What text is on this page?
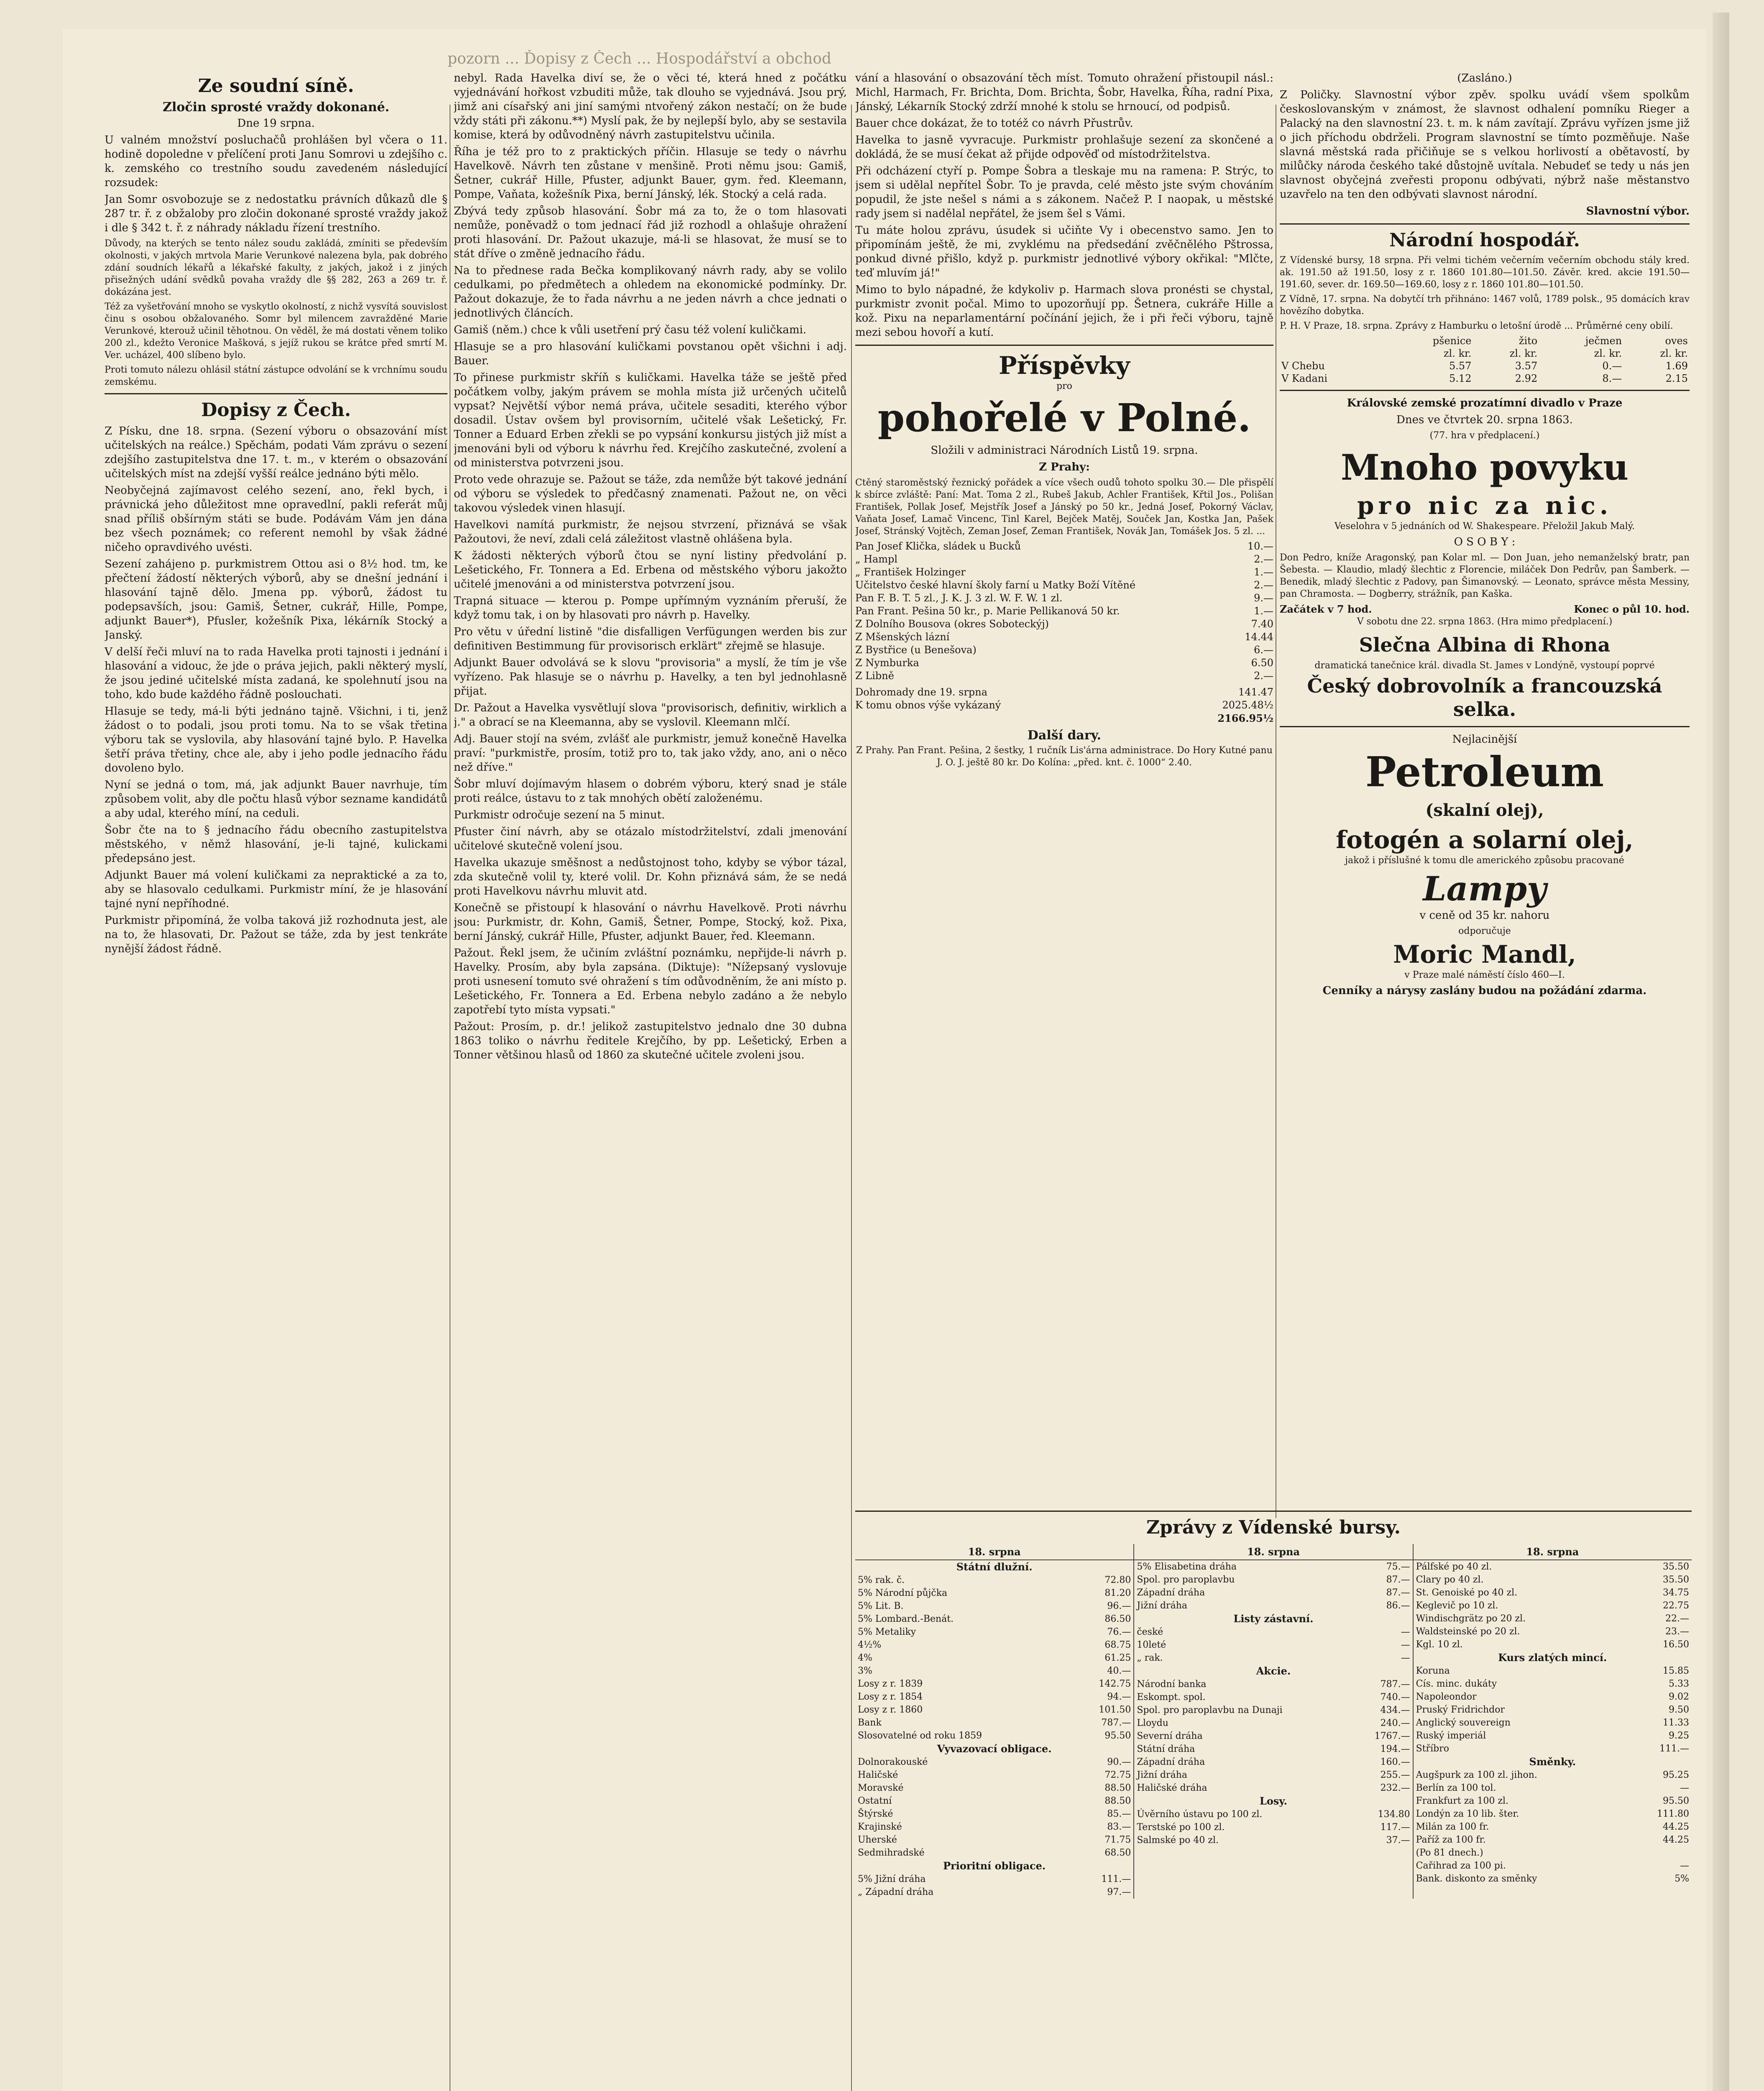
pozorn ... Ďopisy z Čech ... Hospodářství a obchod
Ze soudní síně.
Zločin sprosté vraždy dokonané.

Dne 19 srpna.

U valném množství posluchačů prohlášen byl včera o 11. hodině dopoledne v přelíčení proti Janu Somrovi u zdejšího c. k. zemského co trestního soudu zavedeném následující rozsudek:

Jan Somr osvobozuje se z nedostatku právních důkazů dle § 287 tr. ř. z obžaloby pro zločin dokonané sprosté vraždy jakož i dle § 342 t. ř. z náhrady nákladu řízení trestního.

Důvody, na kterých se tento nález soudu zakládá, zmíniti se především okolnosti, v jakých mrtvola Marie Verunkové nalezena byla, pak dobrého zdání soudních lékařů a lékařské fakulty, z jakých, jakož i z jiných přisežných udání svědků povaha vraždy dle §§ 282, 263 a 269 tr. ř. dokázána jest.

Též za vyšetřování mnoho se vyskytlo okolností, z nichž vysvítá souvislost činu s osobou obžalovaného. Somr byl milencem zavražděné Marie Verunkové, kterouž učinil těhotnou. On věděl, že má dostati věnem toliko 200 zl., kdežto Veronice Mašková, s jejíž rukou se krátce před smrtí M. Ver. ucházel, 400 slíbeno bylo.

Proti tomuto nálezu ohlásil státní zástupce odvolání se k vrchnímu soudu zemskému.

Dopisy z Čech.

Z Písku, dne 18. srpna. (Sezení výboru o obsazování míst učitelských na reálce.) Spěchám, podati Vám zprávu o sezení zdejšího zastupitelstva dne 17. t. m., v kterém o obsazování učitelských míst na zdejší vyšší reálce jednáno býti mělo.

Neobyčejná zajímavost celého sezení, ano, řekl bych, i právnická jeho důležitost mne opravedlní, pakli referát můj snad příliš obšírným státi se bude. Podávám Vám jen dána bez všech poznámek; co referent nemohl by však žádné ničeho opravdivého uvésti.

Sezení zahájeno p. purkmistrem Ottou asi o 8½ hod. tm, ke přečtení žádostí některých výborů, aby se dnešní jednání i hlasování tajně dělo. Jmena pp. výborů, žádost tu podepsavších, jsou: Gamiš, Šetner, cukrář, Hille, Pompe, adjunkt Bauer*), Pfusler, kožešník Pixa, lékárník Stocký a Janský.

V delší řeči mluví na to rada Havelka proti tajnosti i jednání i hlasování a vidouc, že jde o práva jejich, pakli některý myslí, že jsou jediné učitelské místa zadaná, ke spolehnutí jsou na toho, kdo bude každého řádně poslouchati.

Hlasuje se tedy, má-li býti jednáno tajně. Všichni, i ti, jenž žádost o to podali, jsou proti tomu. Na to se však třetina výboru tak se vyslovila, aby hlasování tajné bylo. P. Havelka šetří práva třetiny, chce ale, aby i jeho podle jednacího řádu dovoleno bylo.

Nyní se jedná o tom, má, jak adjunkt Bauer navrhuje, tím způsobem volit, aby dle počtu hlasů výbor sezname kandidátů a aby udal, kterého míní, na ceduli.

Šobr čte na to § jednacího řádu obecního zastupitelstva městského, v němž hlasování, je-li tajné, kulickami předepsáno jest.

Adjunkt Bauer má volení kuličkami za nepraktické a za to, aby se hlasovalo cedulkami. Purkmistr míní, že je hlasování tajné nyní nepříhodné.

Purkmistr připomíná, že volba taková již rozhodnuta jest, ale na to, že hlasovati, Dr. Pažout se táže, zda by jest tenkráte nynější žádost řádně.

nebyl. Rada Havelka diví se, že o věci té, která hned z počátku vyjednávání hořkost vzbuditi může, tak dlouho se vyjednává. Jsou prý, jimž ani císařský ani jiní samými ntvořený zákon nestačí; on že bude vždy státi při zákonu.**) Myslí pak, že by nejlepší bylo, aby se sestavila komise, která by odůvodněný návrh zastupitelstvu učinila.

Říha je též pro to z praktických příčin. Hlasuje se tedy o návrhu Havelkově. Návrh ten zůstane v menšině. Proti němu jsou: Gamiš, Šetner, cukrář Hille, Pfuster, adjunkt Bauer, gym. řed. Kleemann, Pompe, Vaňata, kožešník Pixa, berní Jánský, lék. Stocký a celá rada.

Zbývá tedy způsob hlasování. Šobr má za to, že o tom hlasovati nemůže, poněvadž o tom jednací řád již rozhodl a ohlašuje ohražení proti hlasování. Dr. Pažout ukazuje, má-li se hlasovat, že musí se to stát dříve o změně jednacího řádu.

Na to přednese rada Bečka komplikovaný návrh rady, aby se volilo cedulkami, po předmětech a ohledem na ekonomické podmínky. Dr. Pažout dokazuje, že to řada návrhu a ne jeden návrh a chce jednati o jednotlivých článcích.

Gamiš (něm.) chce k vůli usetření prý času též volení kuličkami.

Hlasuje se a pro hlasování kuličkami povstanou opět všichni i adj. Bauer.

To přinese purkmistr skříň s kuličkami. Havelka táže se ještě před počátkem volby, jakým právem se mohla místa již určených učitelů vypsat? Největší výbor nemá práva, učitele sesaditi, kterého výbor dosadil. Ústav ovšem byl provisorním, učitelé však Lešetický, Fr. Tonner a Eduard Erben zřekli se po vypsání konkursu jistých již míst a jmenováni byli od výboru k návrhu řed. Krejčího zaskutečné, zvolení a od ministerstva potvrzeni jsou.

Proto vede ohrazuje se. Pažout se táže, zda nemůže být takové jednání od výboru se výsledek to předčasný znamenati. Pažout ne, on věci takovou výsledek vinen hlasují.

Havelkovi namítá purkmistr, že nejsou stvrzení, přiznává se však Pažoutovi, že neví, zdali celá záležitost vlastně ohlášena byla.

K žádosti některých výborů čtou se nyní listiny předvolání p. Lešetického, Fr. Tonnera a Ed. Erbena od městského výboru jakožto učitelé jmenováni a od ministerstva potvrzení jsou.

Trapná situace — kterou p. Pompe upřímným vyznáním přeruší, že když tomu tak, i on by hlasovati pro návrh p. Havelky.

Pro větu v úřední listině "die disfalligen Verfügungen werden bis zur definitiven Bestimmung für provisorisch erklärt" zřejmě se hlasuje.

Adjunkt Bauer odvolává se k slovu "provisoria" a myslí, že tím je vše vyřízeno. Pak hlasuje se o návrhu p. Havelky, a ten byl jednohlasně přijat.

Dr. Pažout a Havelka vysvětlují slova "provisorisch, definitiv, wirklich a j." a obrací se na Kleemanna, aby se vyslovil. Kleemann mlčí.

Adj. Bauer stojí na svém, zvlášť ale purkmistr, jemuž konečně Havelka praví: "purkmistře, prosím, totiž pro to, tak jako vždy, ano, ani o něco než dříve."

Šobr mluví dojímavým hlasem o dobrém výboru, který snad je stále proti reálce, ústavu to z tak mnohých obětí založenému.

Purkmistr odročuje sezení na 5 minut.

Pfuster činí návrh, aby se otázalo místodržitelství, zdali jmenování učitelové skutečně volení jsou.

Havelka ukazuje směšnost a nedůstojnost toho, kdyby se výbor tázal, zda skutečně volil ty, které volil. Dr. Kohn přiznává sám, že se nedá proti Havelkovu návrhu mluvit atd.

Konečně se přistoupí k hlasování o návrhu Havelkově. Proti návrhu jsou: Purkmistr, dr. Kohn, Gamiš, Šetner, Pompe, Stocký, kož. Pixa, berní Jánský, cukrář Hille, Pfuster, adjunkt Bauer, řed. Kleemann.

Pažout. Řekl jsem, že učiním zvláštní poznámku, nepřijde-li návrh p. Havelky. Prosím, aby byla zapsána. (Diktuje): "Nížepsaný vyslovuje proti usnesení tomuto své ohražení s tím odůvodněním, že ani místo p. Lešetického, Fr. Tonnera a Ed. Erbena nebylo zadáno a že nebylo zapotřebí tyto místa vypsati."

Pažout: Prosím, p. dr.! jelikož zastupitelstvo jednalo dne 30 dubna 1863 toliko o návrhu ředitele Krejčího, by pp. Lešetický, Erben a Tonner většinou hlasů od 1860 za skutečné učitele zvoleni jsou.

vání a hlasování o obsazování těch míst. Tomuto ohražení přistoupil násl.: Michl, Harmach, Fr. Brichta, Dom. Brichta, Šobr, Havelka, Říha, radní Pixa, Jánský, Lékarník Stocký zdrží mnohé k stolu se hrnoucí, od podpisů.

Bauer chce dokázat, že to totéž co návrh Přustrův.

Havelka to jasně vyvracuje. Purkmistr prohlašuje sezení za skončené a dokládá, že se musí čekat až přijde odpověď od místodržitelstva.

Při odcházení ctyří p. Pompe Šobra a tleskaje mu na ramena: P. Strýc, to jsem si udělal nepřítel Šobr. To je pravda, celé město jste svým chováním popudil, že jste nešel s námi a s zákonem. Načež P. I naopak, u městské rady jsem si nadělal nepřátel, že jsem šel s Vámi.

Tu máte holou zprávu, úsudek si učiňte Vy i obecenstvo samo. Jen to připomínám ještě, že mi, zvyklému na předsedání zvěčnělého Pštrossa, ponkud divné přišlo, když p. purkmistr jednotlivé výbory okřikal: "Mlčte, teď mluvím já!"

Mimo to bylo nápadné, že kdykoliv p. Harmach slova pronésti se chystal, purkmistr zvonit počal. Mimo to upozorňují pp. Šetnera, cukráře Hille a kož. Pixu na neparlamentární počínání jejich, že i při řeči výboru, tajně mezi sebou hovoří a kutí.

Příspěvky
pro
pohořelé v Polné.

Složili v administraci Národních Listů 19. srpna.

Z Prahy:

Ctěný staroměstský řeznický pořádek a více všech oudů tohoto spolku 30.— Dle přispělí k sbírce zvláště: Paní: Mat. Toma 2 zl., Rubeš Jakub, Achler František, Křtil Jos., Polišan František, Pollak Josef, Mejstřík Josef a Jánský po 50 kr., Jedná Josef, Pokorný Václav, Vaňata Josef, Lamač Vincenc, Tinl Karel, Bejček Matěj, Souček Jan, Kostka Jan, Pašek Josef, Stránský Vojtěch, Zeman Josef, Zeman František, Novák Jan, Tomášek Jos. 5 zl. ...

Pan Josef Klička, sládek u Bucků	10.—
„ Hampl	2.—
„ František Holzinger	1.—
Učitelstvo české hlavní školy farní u Matky Boží Vítěné	2.—
Pan F. B. T. 5 zl., J. K. J. 3 zl. W. F. W. 1 zl.	9.—
Pan Frant. Pešina 50 kr., p. Marie Pellikanová 50 kr.	1.—
Z Dolního Bousova (okres Soboteckýj)	7.40
Z Mšenských lázní	14.44
Z Bystřice (u Benešova)	6.—
Z Nymburka	6.50
Z Libně	2.—
Dohromady dne 19. srpna	141.47
K tomu obnos výše vykázaný	2025.48½
2166.95½
Další dary.

Z Prahy. Pan Frant. Pešina, 2 šestky, 1 ručník Lis'árna administrace. Do Hory Kutné panu J. O. J. ještě 80 kr. Do Kolína: „před. knt. č. 1000“ 2.40.

(Zasláno.)

Z Poličky. Slavnostní výbor zpěv. spolku uvádí všem spolkům českoslovanským v známost, že slavnost odhalení pomníku Rieger a Palacký na den slavnostní 23. t. m. k nám zavítají. Zprávu vyřízen jsme již o jich příchodu obdrželi. Program slavnostní se tímto pozměňuje. Naše slavná městská rada přičiňuje se s velkou horlivostí a obětavostí, by milůčky národa českého také důstojně uvítala. Nebudeť se tedy u nás jen slavnost obyčejná zveřesti proponu odbývati, nýbrž naše městanstvo uzavřelo na ten den odbývati slavnost národní.

Slavnostní výbor.

Národní hospodář.

Z Vídenské bursy, 18 srpna. Při velmi tichém večerním večerním obchodu stály kred. ak. 191.50 až 191.50, losy z r. 1860 101.80—101.50. Závěr. kred. akcie 191.50—191.60, sever. dr. 169.50—169.60, losy z r. 1860 101.80—101.50.

Z Vídně, 17. srpna. Na dobytčí trh přihnáno: 1467 volů, 1789 polsk., 95 domácích krav hovězího dobytka.

P. H. V Praze, 18. srpna. Zprávy z Hamburku o letošní úrodě ... Průměrné ceny obilí.

	pšenice	žito	ječmen	oves
	zl. kr.	zl. kr.	zl. kr.	zl. kr.
V Chebu	5.57	3.57	0.—	1.69
V Kadani	5.12	2.92	8.—	2.15

Královské zemské prozatímní divadlo v Praze

Dnes ve čtvrtek 20. srpna 1863.

(77. hra v předplacení.)

Mnoho povyku
pro nic za nic.

Veselohra v 5 jednáních od W. Shakespeare. Přeložil Jakub Malý.

O S O B Y :

Don Pedro, kníže Aragonský, pan Kolar ml. — Don Juan, jeho nemanželský bratr, pan Šebesta. — Klaudio, mladý šlechtic z Florencie, miláček Don Pedrův, pan Šamberk. — Benedik, mladý šlechtic z Padovy, pan Šimanovský. — Leonato, správce města Messiny, pan Chramosta. — Dogberry, strážník, pan Kaška.

Začátek v 7 hod.	Konec o půl 10. hod.

V sobotu dne 22. srpna 1863. (Hra mimo předplacení.)

Slečna Albina di Rhona

dramatická tanečnice král. divadla St. James v Londýně, vystoupí poprvé

Český dobrovolník a francouzská selka.

Nejlacinější

Petroleum
(skalní olej),
fotogén a solarní olej,

jakož i příslušné k tomu dle amerického způsobu pracované

Lampy

v ceně od 35 kr. nahoru

odporučuje

Moric Mandl,

v Praze malé náměstí číslo 460—I.

Cenníky a nárysy zaslány budou na požádání zdarma.

Zprávy z Vídenské bursy.
18. srpna
Státní dlužní.
5% rak. č.	72.80
5% Národní půjčka	81.20
5% Lit. B.	96.—
5% Lombard.-Benát.	86.50
5% Metaliky	76.—
4½%	68.75
4%	61.25
3%	40.—
Losy z r. 1839	142.75
Losy z r. 1854	94.—
Losy z r. 1860	101.50
Bank	787.—
Slosovatelné od roku 1859	95.50
Vyvazovací obligace.
Dolnorakouské	90.—
Haličské	72.75
Moravské	88.50
Ostatní	88.50
Štýrské	85.—
Krajinské	83.—
Uherské	71.75
Sedmihradské	68.50
Prioritní obligace.
5% Jižní dráha	111.—
„ Západní dráha	97.—
18. srpna
5% Elisabetina dráha	75.—
Spol. pro paroplavbu	87.—
Západní dráha	87.—
Jižní dráha	86.—
Listy zástavní.
české	—
10leté	—
„ rak.	—
Akcie.
Národní banka	787.—
Eskompt. spol.	740.—
Spol. pro paroplavbu na Dunaji	434.—
Lloydu	240.—
Severní dráha	1767.—
Státní dráha	194.—
Západní dráha	160.—
Jižní dráha	255.—
Haličské dráha	232.—
Losy.
Úvěrního ústavu po 100 zl.	134.80
Terstské po 100 zl.	117.—
Salmské po 40 zl.	37.—
18. srpna
Pálfské po 40 zl.	35.50
Clary po 40 zl.	35.50
St. Genoiské po 40 zl.	34.75
Keglevič po 10 zl.	22.75
Windischgrätz po 20 zl.	22.—
Waldsteinské po 20 zl.	23.—
Kgl. 10 zl.	16.50
Kurs zlatých mincí.
Koruna	15.85
Cís. minc. dukáty	5.33
Napoleondor	9.02
Pruský Fridrichdor	9.50
Anglický souvereign	11.33
Ruský imperiál	9.25
Stříbro	111.—
Směnky.
Augšpurk za 100 zl. jihon.	95.25
Berlín za 100 tol.	—
Frankfurt za 100 zl.	95.50
Londýn za 10 lib. šter.	111.80
Milán za 100 fr.	44.25
Paříž za 100 fr.	44.25
(Po 81 dnech.)
Cařihrad za 100 pi.	—
Bank. diskonto za směnky	5%
